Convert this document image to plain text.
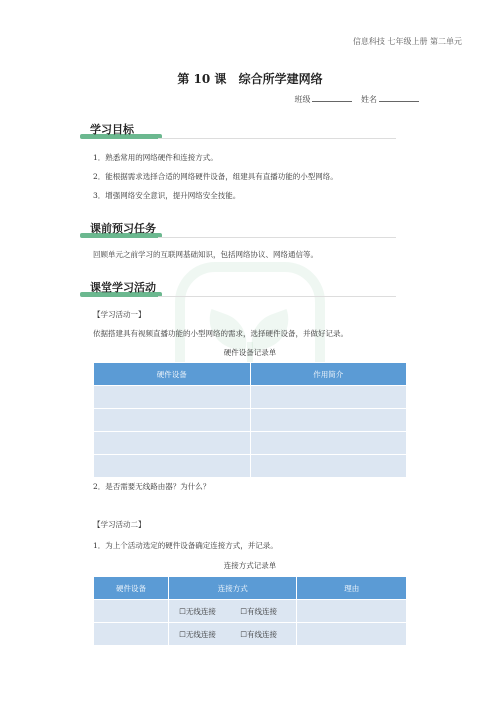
信息科技 七年级上册 第二单元
第 10 课 综合所学建网络
班级	姓名
学习目标
1．熟悉常用的网络硬件和连接方式。
2．能根据需求选择合适的网络硬件设备，组建具有直播功能的小型网络。
3．增强网络安全意识，提升网络安全技能。
课前预习任务
回顾单元之前学习的互联网基础知识，包括网络协议、网络通信等。
课堂学习活动
【学习活动一】
依据搭建具有视频直播功能的小型网络的需求，选择硬件设备，并做好记录。
硬件设备记录单
硬件设备	作用简介

2．是否需要无线路由器？为什么？
【学习活动二】
1．为上个活动选定的硬件设备确定连接方式，并记录。
连接方式记录单
硬件设备	连接方式	理由
	☐无线连接 ☐有线连接	
	☐无线连接 ☐有线连接	
